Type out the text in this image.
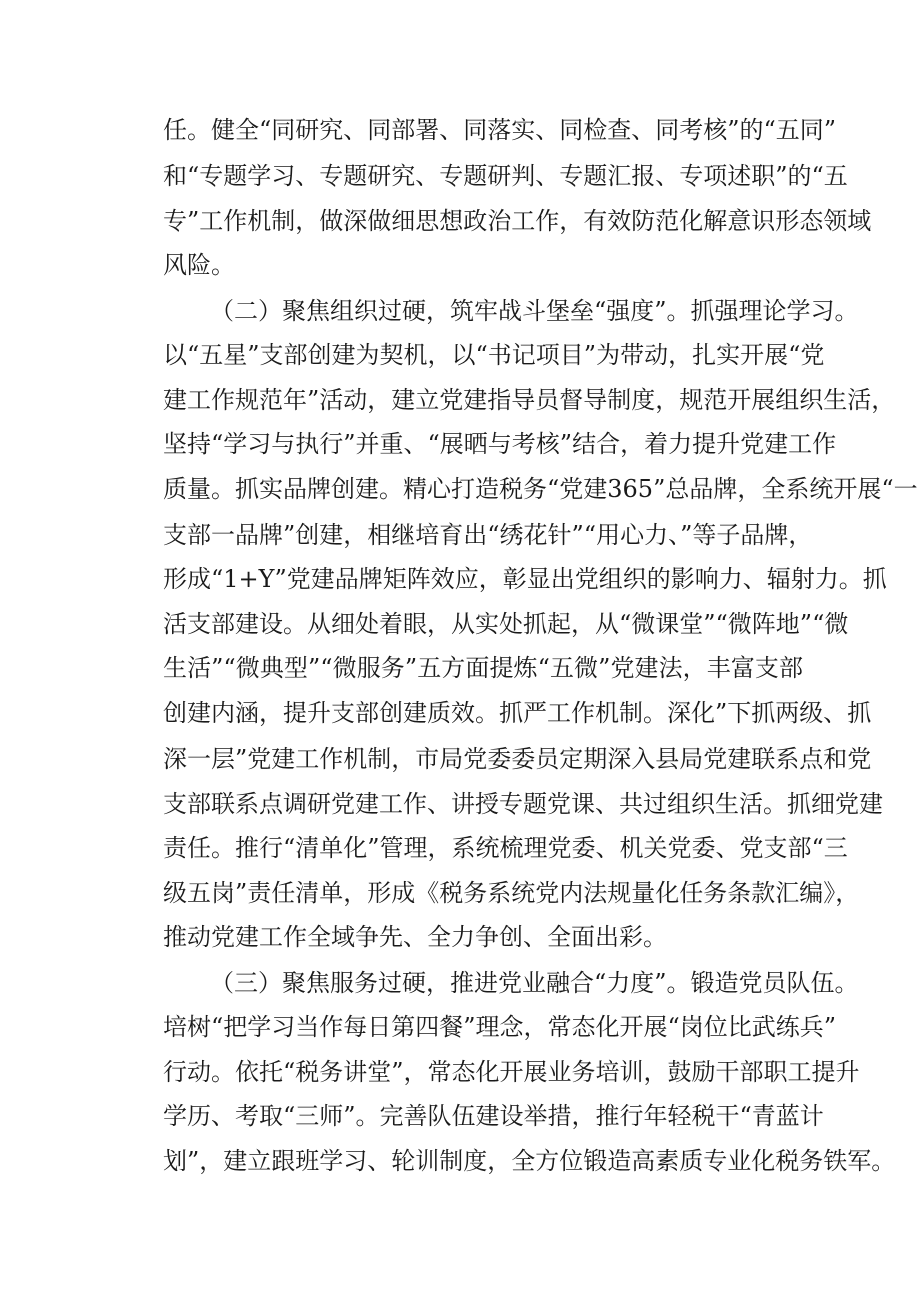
任。健全“同研究、同部署、同落实、同检查、同考核”的“五同”
和“专题学习、专题研究、专题研判、专题汇报、专项述职”的“五
专”工作机制，做深做细思想政治工作，有效防范化解意识形态领域
风险。
（二）聚焦组织过硬，筑牢战斗堡垒“强度”。抓强理论学习。
以“五星”支部创建为契机，以“书记项目”为带动，扎实开展“党
建工作规范年”活动，建立党建指导员督导制度，规范开展组织生活，
坚持“学习与执行”并重、“展晒与考核”结合，着力提升党建工作
质量。抓实品牌创建。精心打造税务“党建365”总品牌，全系统开展“一
支部一品牌”创建，相继培育出“绣花针”“用心力、”等子品牌，
形成“1+Y”党建品牌矩阵效应，彰显出党组织的影响力、辐射力。抓
活支部建设。从细处着眼，从实处抓起，从“微课堂”“微阵地”“微
生活”“微典型”“微服务”五方面提炼“五微”党建法，丰富支部
创建内涵，提升支部创建质效。抓严工作机制。深化”下抓两级、抓
深一层”党建工作机制，市局党委委员定期深入县局党建联系点和党
支部联系点调研党建工作、讲授专题党课、共过组织生活。抓细党建
责任。推行“清单化”管理，系统梳理党委、机关党委、党支部“三
级五岗”责任清单，形成《税务系统党内法规量化任务条款汇编》，
推动党建工作全域争先、全力争创、全面出彩。
（三）聚焦服务过硬，推进党业融合“力度”。锻造党员队伍。
培树“把学习当作每日第四餐”理念，常态化开展“岗位比武练兵”
行动。依托“税务讲堂”，常态化开展业务培训，鼓励干部职工提升
学历、考取“三师”。完善队伍建设举措，推行年轻税干“青蓝计
划”，建立跟班学习、轮训制度，全方位锻造高素质专业化税务铁军。
